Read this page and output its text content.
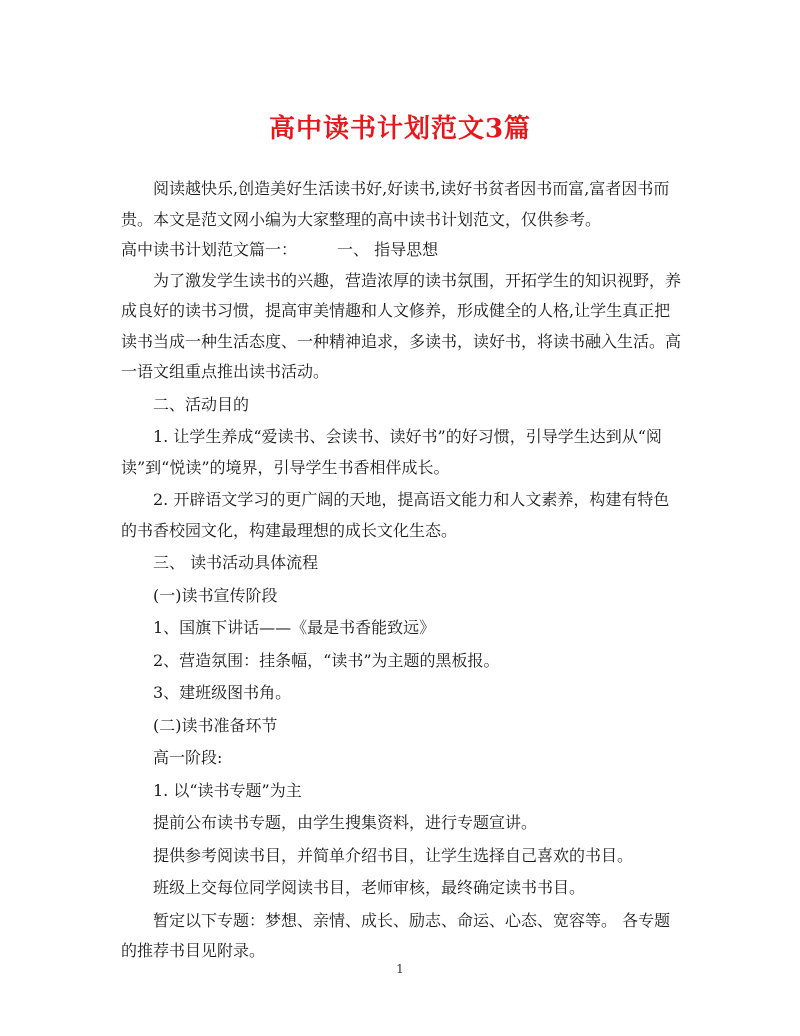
高中读书计划范文3篇

阅读越快乐,创造美好生活读书好,好读书,读好书贫者因书而富,富者因书而贵。本文是范文网小编为大家整理的高中读书计划范文，仅供参考。

高中读书计划范文篇一：	一、 指导思想

为了激发学生读书的兴趣，营造浓厚的读书氛围，开拓学生的知识视野，养成良好的读书习惯，提高审美情趣和人文修养，形成健全的人格,让学生真正把读书当成一种生活态度、一种精神追求，多读书，读好书，将读书融入生活。高一语文组重点推出读书活动。

二、活动目的

1. 让学生养成“爱读书、会读书、读好书”的好习惯，引导学生达到从“阅读”到“悦读”的境界，引导学生书香相伴成长。

2. 开辟语文学习的更广阔的天地，提高语文能力和人文素养，构建有特色的书香校园文化，构建最理想的成长文化生态。

三、 读书活动具体流程

(一)读书宣传阶段

1、国旗下讲话——《最是书香能致远》

2、营造氛围：挂条幅，“读书”为主题的黑板报。

3、建班级图书角。

(二)读书准备环节

高一阶段:

1. 以“读书专题”为主

提前公布读书专题，由学生搜集资料，进行专题宣讲。

提供参考阅读书目，并简单介绍书目，让学生选择自己喜欢的书目。

班级上交每位同学阅读书目，老师审核，最终确定读书书目。

暂定以下专题：梦想、亲情、成长、励志、命运、心态、宽容等。 各专题的推荐书目见附录。

1
